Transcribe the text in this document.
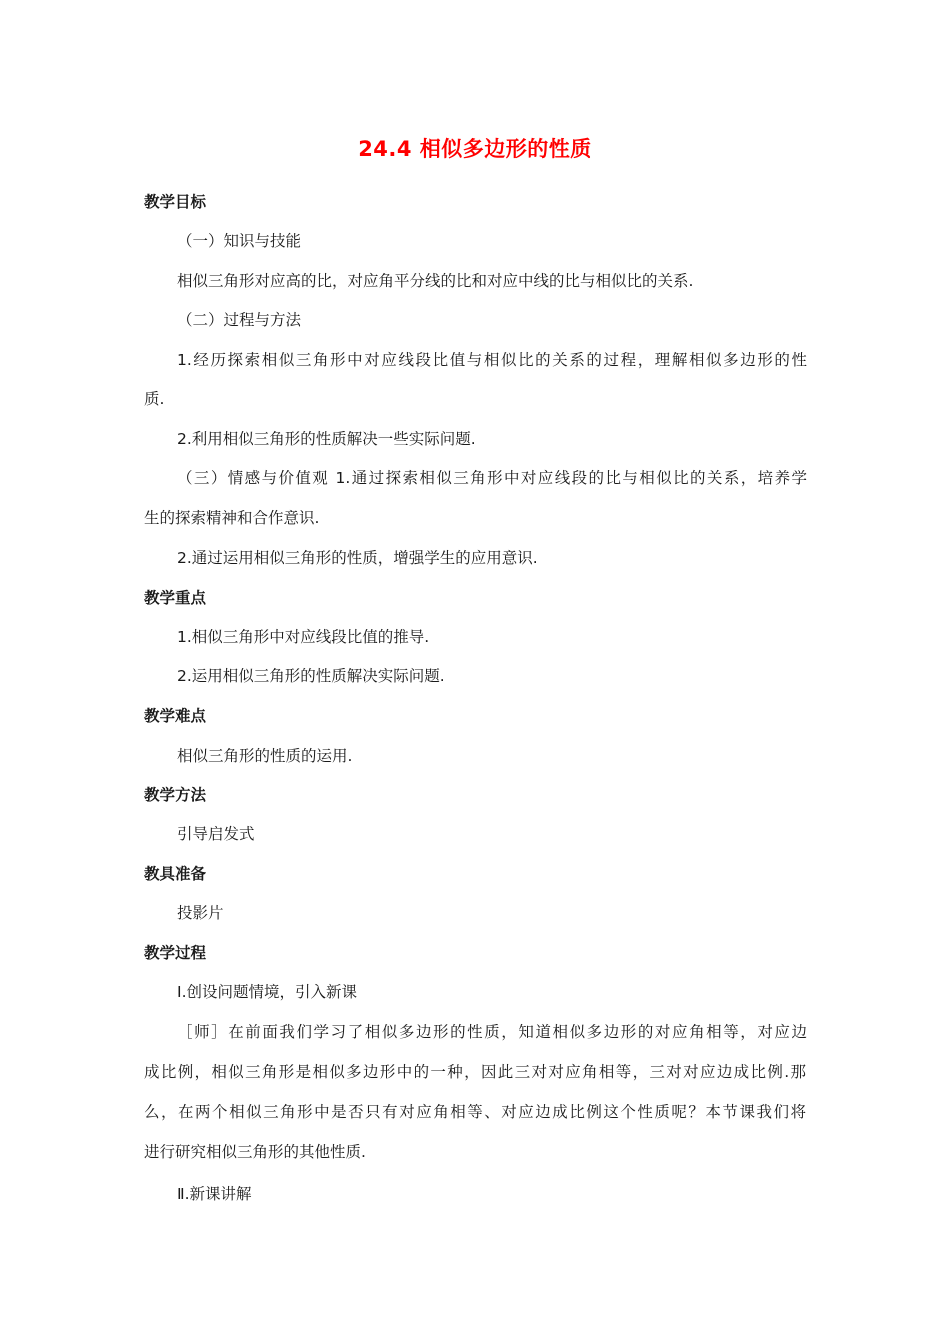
24.4 相似多边形的性质
教学目标
（一）知识与技能
相似三角形对应高的比，对应角平分线的比和对应中线的比与相似比的关系.
（二）过程与方法
1.经历探索相似三角形中对应线段比值与相似比的关系的过程，理解相似多边形的性
质.
2.利用相似三角形的性质解决一些实际问题.
（三）情感与价值观 1.通过探索相似三角形中对应线段的比与相似比的关系，培养学
生的探索精神和合作意识.
2.通过运用相似三角形的性质，增强学生的应用意识.
教学重点
1.相似三角形中对应线段比值的推导.
2.运用相似三角形的性质解决实际问题.
教学难点
相似三角形的性质的运用.
教学方法
引导启发式
教具准备
投影片
教学过程
Ⅰ.创设问题情境，引入新课
［师］在前面我们学习了相似多边形的性质，知道相似多边形的对应角相等，对应边
成比例，相似三角形是相似多边形中的一种，因此三对对应角相等，三对对应边成比例.那
么，在两个相似三角形中是否只有对应角相等、对应边成比例这个性质呢？本节课我们将
进行研究相似三角形的其他性质.
Ⅱ.新课讲解
